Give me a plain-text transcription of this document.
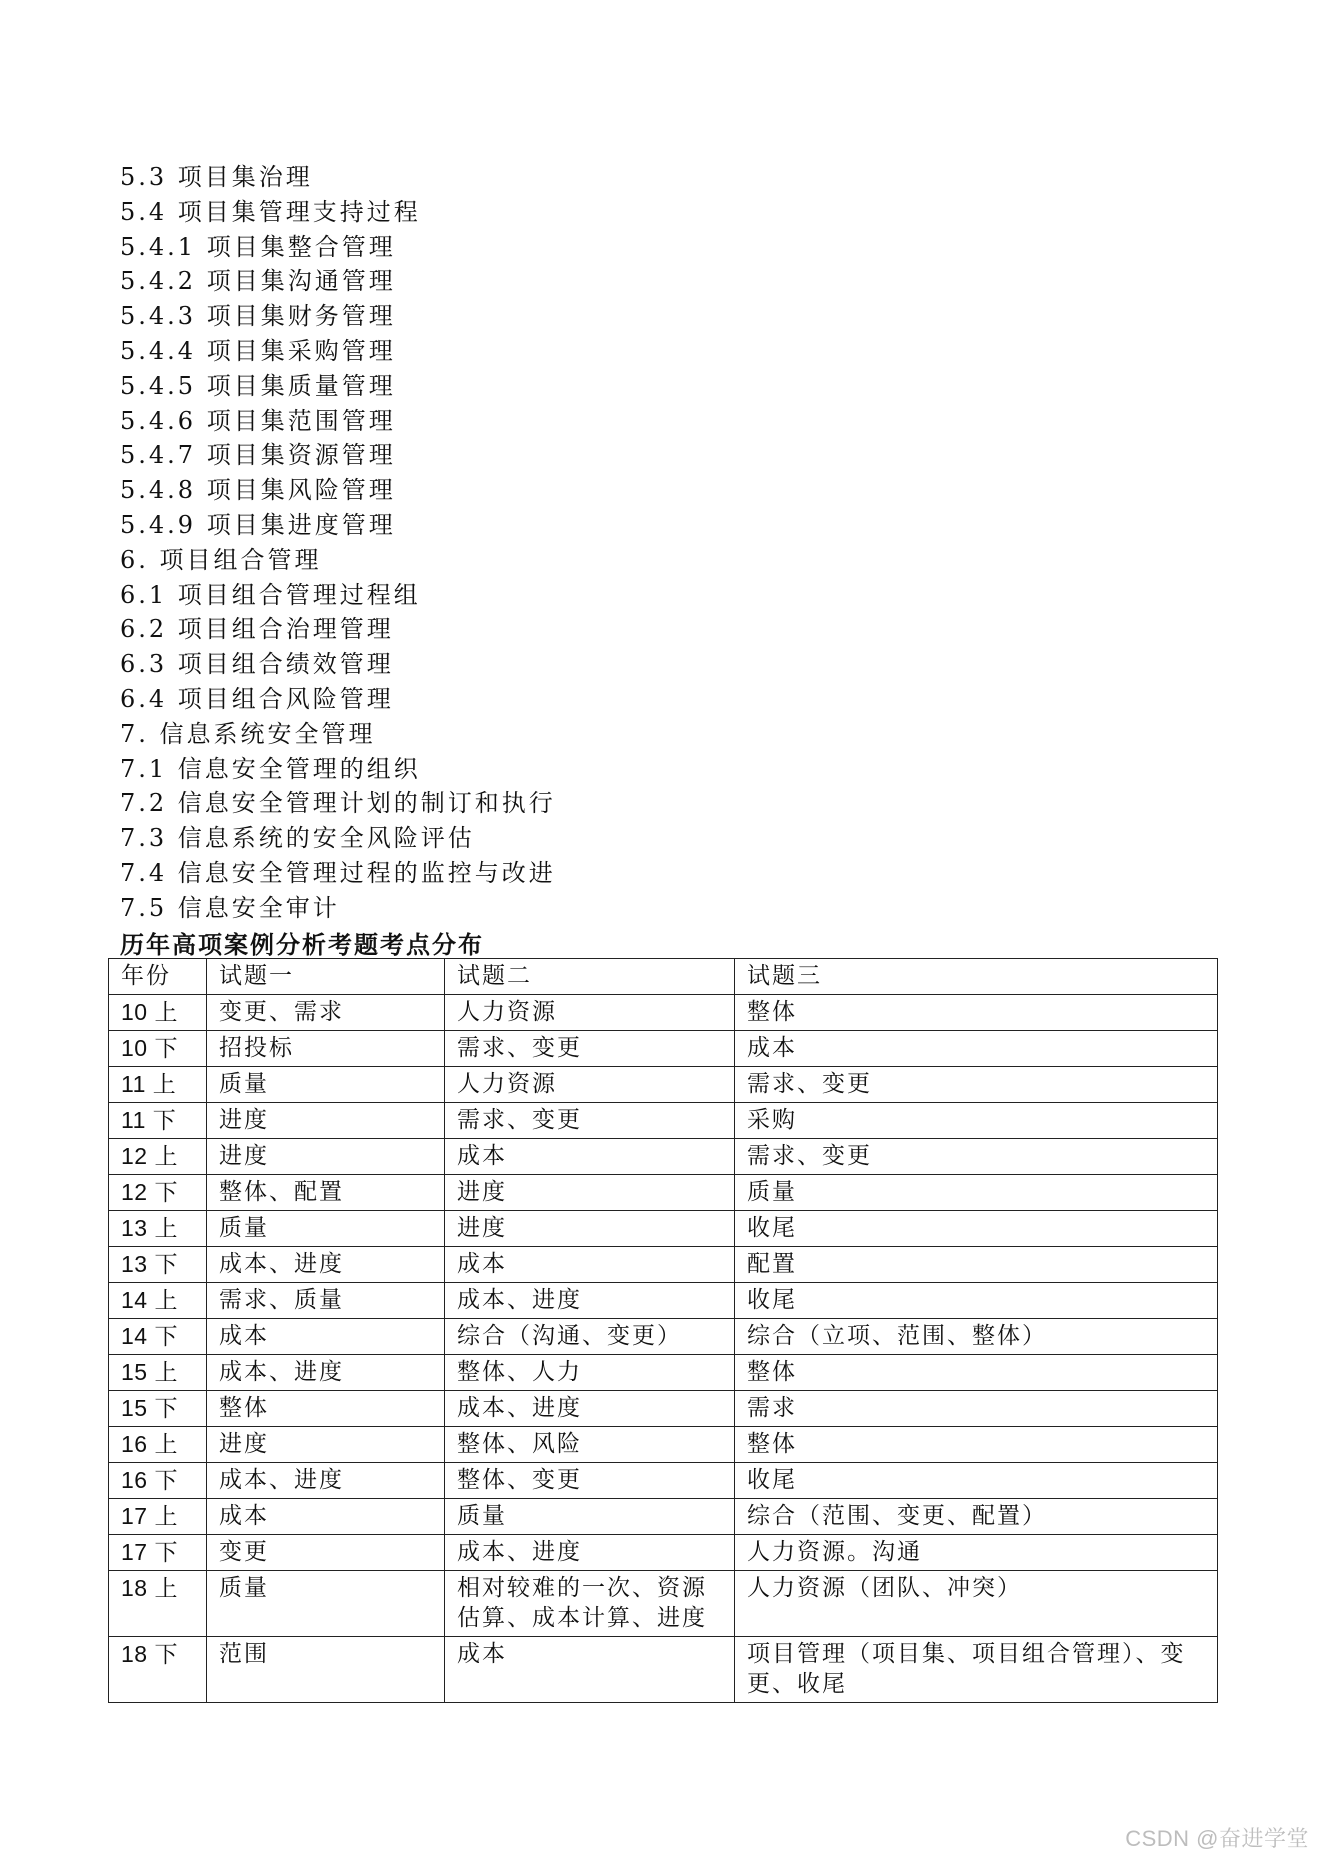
5.3 项目集治理
5.4 项目集管理支持过程
5.4.1 项目集整合管理
5.4.2 项目集沟通管理
5.4.3 项目集财务管理
5.4.4 项目集采购管理
5.4.5 项目集质量管理
5.4.6 项目集范围管理
5.4.7 项目集资源管理
5.4.8 项目集风险管理
5.4.9 项目集进度管理
6. 项目组合管理
6.1 项目组合管理过程组
6.2 项目组合治理管理
6.3 项目组合绩效管理
6.4 项目组合风险管理
7. 信息系统安全管理
7.1 信息安全管理的组织
7.2 信息安全管理计划的制订和执行
7.3 信息系统的安全风险评估
7.4 信息安全管理过程的监控与改进
7.5 信息安全审计
历年高项案例分析考题考点分布
年份	试题一	试题二	试题三
10 上	变更、需求	人力资源	整体
10 下	招投标	需求、变更	成本
11 上	质量	人力资源	需求、变更
11 下	进度	需求、变更	采购
12 上	进度	成本	需求、变更
12 下	整体、配置	进度	质量
13 上	质量	进度	收尾
13 下	成本、进度	成本	配置
14 上	需求、质量	成本、进度	收尾
14 下	成本	综合（沟通、变更）	综合（立项、范围、整体）
15 上	成本、进度	整体、人力	整体
15 下	整体	成本、进度	需求
16 上	进度	整体、风险	整体
16 下	成本、进度	整体、变更	收尾
17 上	成本	质量	综合（范围、变更、配置）
17 下	变更	成本、进度	人力资源。沟通
18 上	质量	相对较难的一次、资源估算、成本计算、进度	人力资源（团队、冲突）
18 下	范围	成本	项目管理（项目集、项目组合管理）、变更、收尾
CSDN @奋进学堂
